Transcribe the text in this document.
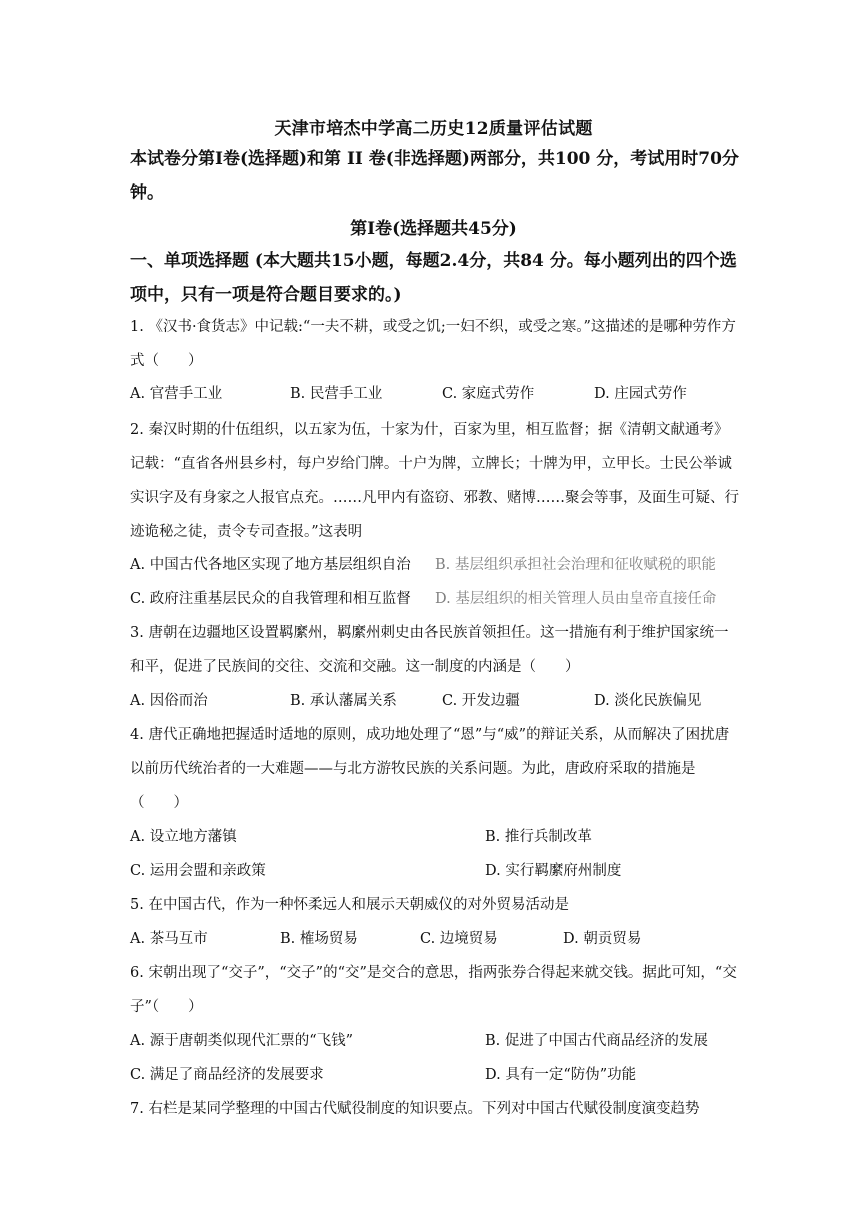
天津市培杰中学高二历史12质量评估试题
本试卷分第Ⅰ卷(选择题)和第 II 卷(非选择题)两部分，共100 分，考试用时70分钟。
第Ⅰ卷(选择题共45分)
一、单项选择题 (本大题共15小题，每题2.4分，共84 分。每小题列出的四个选项中，只有一项是符合题目要求的。)
1. 《汉书·食货志》中记载:“一夫不耕，或受之饥;一妇不织，或受之寒。”这描述的是哪种劳作方式（　　）
A. 官营手工业	B. 民营手工业	C. 家庭式劳作	D. 庄园式劳作
2. 秦汉时期的什伍组织，以五家为伍，十家为什，百家为里，相互监督；据《清朝文献通考》记载：“直省各州县乡村，每户岁给门牌。十户为牌，立牌长；十牌为甲，立甲长。士民公举诚实识字及有身家之人报官点充。……凡甲内有盗窃、邪教、赌博……聚会等事，及面生可疑、行迹诡秘之徒，责令专司查报。”这表明
A. 中国古代各地区实现了地方基层组织自治 B. 基层组织承担社会治理和征收赋税的职能
C. 政府注重基层民众的自我管理和相互监督 D. 基层组织的相关管理人员由皇帝直接任命
3. 唐朝在边疆地区设置羁縻州，羁縻州刺史由各民族首领担任。这一措施有利于维护国家统一和平，促进了民族间的交往、交流和交融。这一制度的内涵是（　　）
A. 因俗而治	B. 承认藩属关系	C. 开发边疆	D. 淡化民族偏见
4. 唐代正确地把握适时适地的原则，成功地处理了“恩”与“威”的辩证关系，从而解决了困扰唐以前历代统治者的一大难题——与北方游牧民族的关系问题。为此，唐政府采取的措施是（　　）
A. 设立地方藩镇	B. 推行兵制改革
C. 运用会盟和亲政策	D. 实行羁縻府州制度
5. 在中国古代，作为一种怀柔远人和展示天朝威仪的对外贸易活动是
A. 茶马互市	B. 榷场贸易	C. 边境贸易	D. 朝贡贸易
6. 宋朝出现了“交子”，“交子”的“交”是交合的意思，指两张券合得起来就交钱。据此可知，“交子”（　　）
A. 源于唐朝类似现代汇票的“飞钱”	B. 促进了中国古代商品经济的发展
C. 满足了商品经济的发展要求	D. 具有一定“防伪”功能
7. 右栏是某同学整理的中国古代赋役制度的知识要点。下列对中国古代赋役制度演变趋势
